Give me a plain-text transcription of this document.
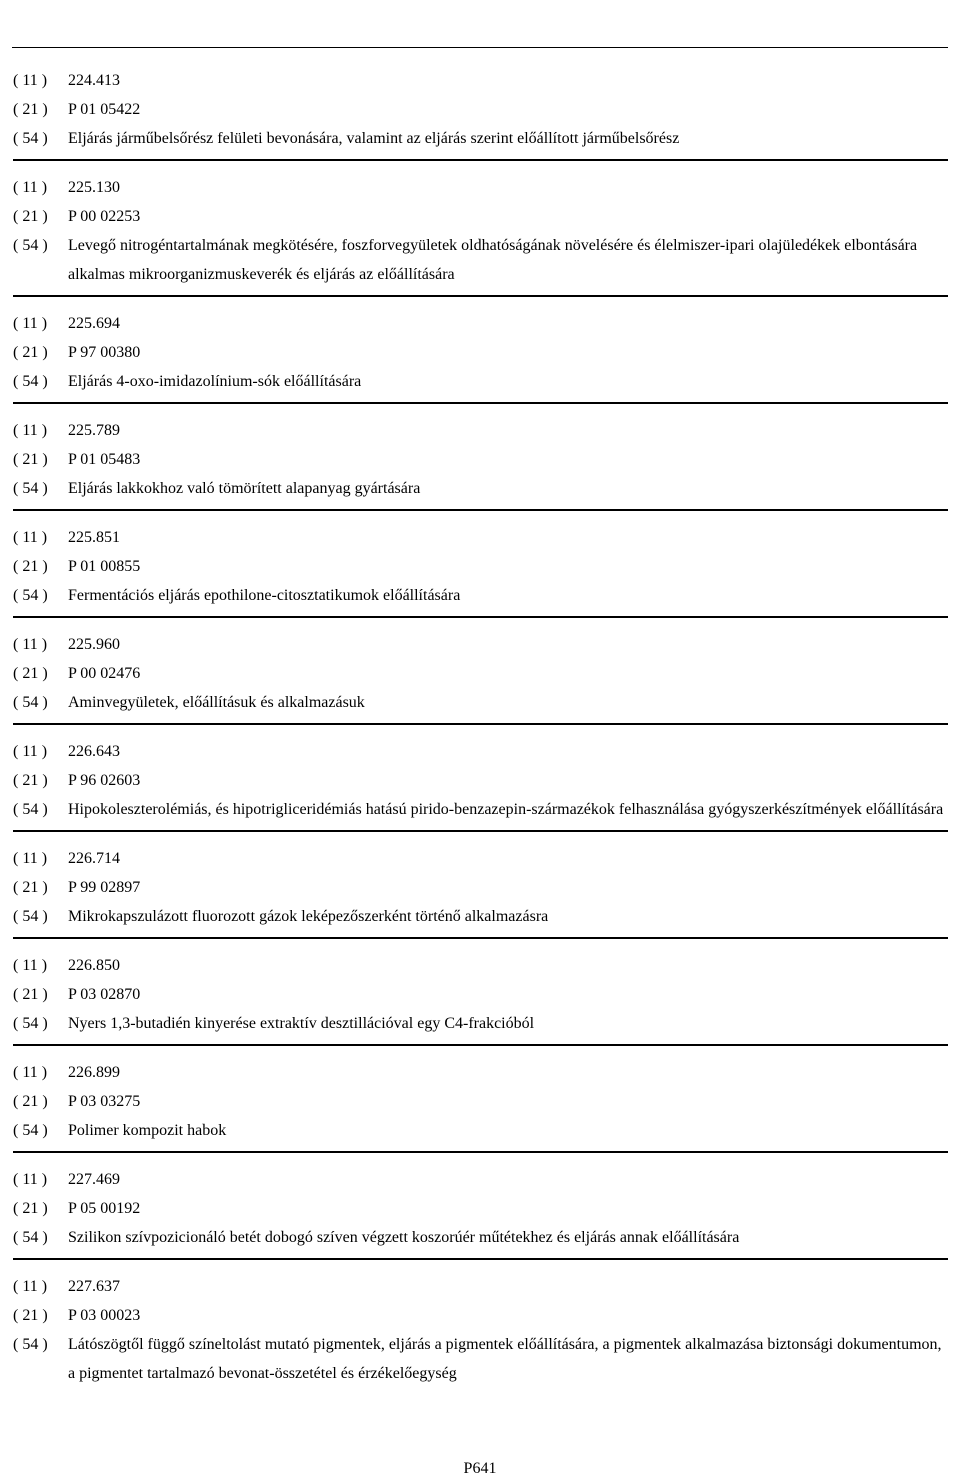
Szabadalmi Közlöny és Védjegyértesítő 119. évfolyam 22. szám, 2014.11.28.
Szabadalmi oltalom megszűnése és újra érvénybe helyezése
( 11 )	224.413
( 21 )	P 01 05422
( 54 )	Eljárás járműbelsőrész felületi bevonására, valamint az eljárás szerint előállított járműbelsőrész
( 11 )	225.130
( 21 )	P 00 02253
( 54 )	Levegő nitrogéntartalmának megkötésére, foszforvegyületek oldhatóságának növelésére és élelmiszer-ipari olajüledékek elbontására alkalmas mikroorganizmuskeverék és eljárás az előállítására
( 11 )	225.694
( 21 )	P 97 00380
( 54 )	Eljárás 4-oxo-imidazolínium-sók előállítására
( 11 )	225.789
( 21 )	P 01 05483
( 54 )	Eljárás lakkokhoz való tömörített alapanyag gyártására
( 11 )	225.851
( 21 )	P 01 00855
( 54 )	Fermentációs eljárás epothilone-citosztatikumok előállítására
( 11 )	225.960
( 21 )	P 00 02476
( 54 )	Aminvegyületek, előállításuk és alkalmazásuk
( 11 )	226.643
( 21 )	P 96 02603
( 54 )	Hipokoleszterolémiás, és hipotrigliceridémiás hatású pirido-benzazepin-származékok felhasználása gyógyszerkészítmények előállítására
( 11 )	226.714
( 21 )	P 99 02897
( 54 )	Mikrokapszulázott fluorozott gázok leképezőszerként történő alkalmazásra
( 11 )	226.850
( 21 )	P 03 02870
( 54 )	Nyers 1,3-butadién kinyerése extraktív desztillációval egy C4-frakcióból
( 11 )	226.899
( 21 )	P 03 03275
( 54 )	Polimer kompozit habok
( 11 )	227.469
( 21 )	P 05 00192
( 54 )	Szilikon szívpozicionáló betét dobogó szíven végzett koszorúér műtétekhez és eljárás annak előállítására
( 11 )	227.637
( 21 )	P 03 00023
( 54 )	Látószögtől függő színeltolást mutató pigmentek, eljárás a pigmentek előállítására, a pigmentek alkalmazása biztonsági dokumentumon, a pigmentet tartalmazó bevonat-összetétel és érzékelőegység
P641
